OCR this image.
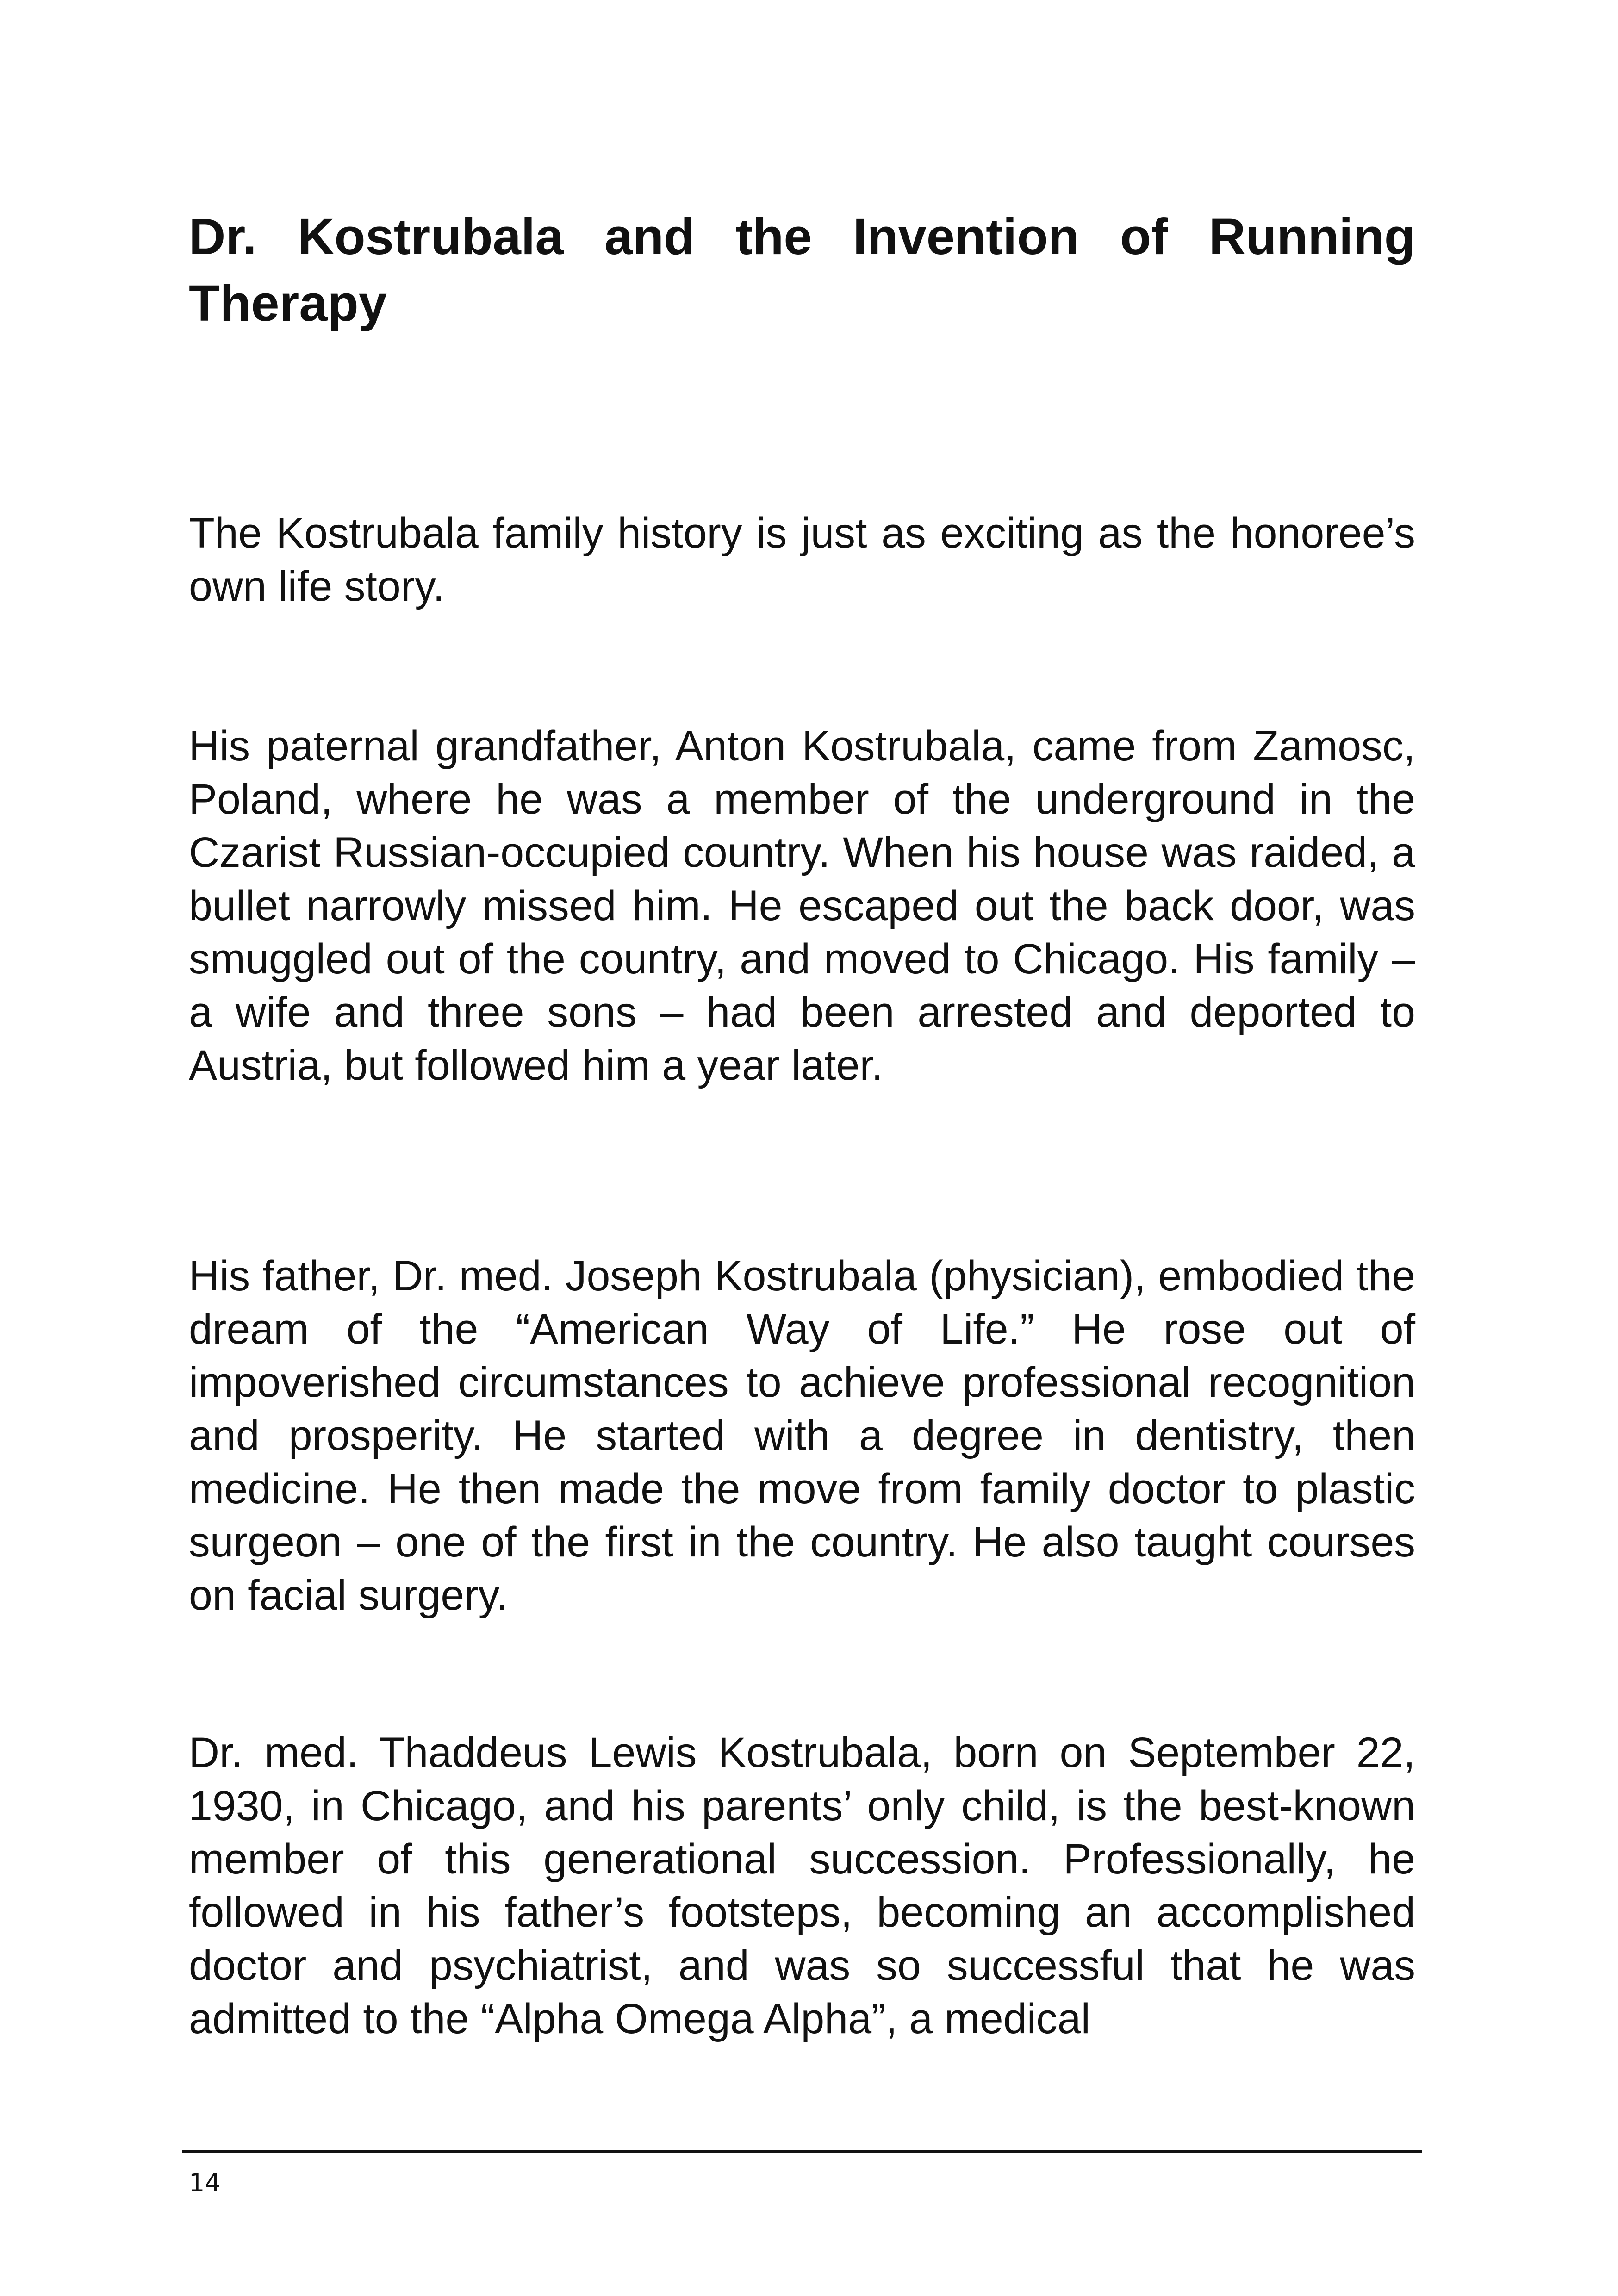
Dr. Kostrubala and the Invention of Running Therapy

The Kostrubala family history is just as exciting as the honoree’s own life story.

His paternal grandfather, Anton Kostrubala, came from Zamosc, Poland, where he was a member of the underground in the Czarist Russian-occupied country. When his house was raided, a bullet narrowly missed him. He escaped out the back door, was smuggled out of the country, and moved to Chicago. His family – a wife and three sons – had been arrested and deported to Austria, but followed him a year later.

His father, Dr. med. Joseph Kostrubala (physician), embodied the dream of the “American Way of Life.” He rose out of impoverished circumstances to achieve professional recognition and prosperity. He started with a degree in dentistry, then medicine. He then made the move from family doctor to plastic surgeon – one of the first in the country. He also taught courses on facial surgery.

Dr. med. Thaddeus Lewis Kostrubala, born on September 22, 1930, in Chicago, and his parents’ only child, is the best-known member of this generational succession. Professionally, he followed in his father’s footsteps, becoming an accomplished doctor and psychiatrist, and was so successful that he was admitted to the “Alpha Omega Alpha”, a medical

14
